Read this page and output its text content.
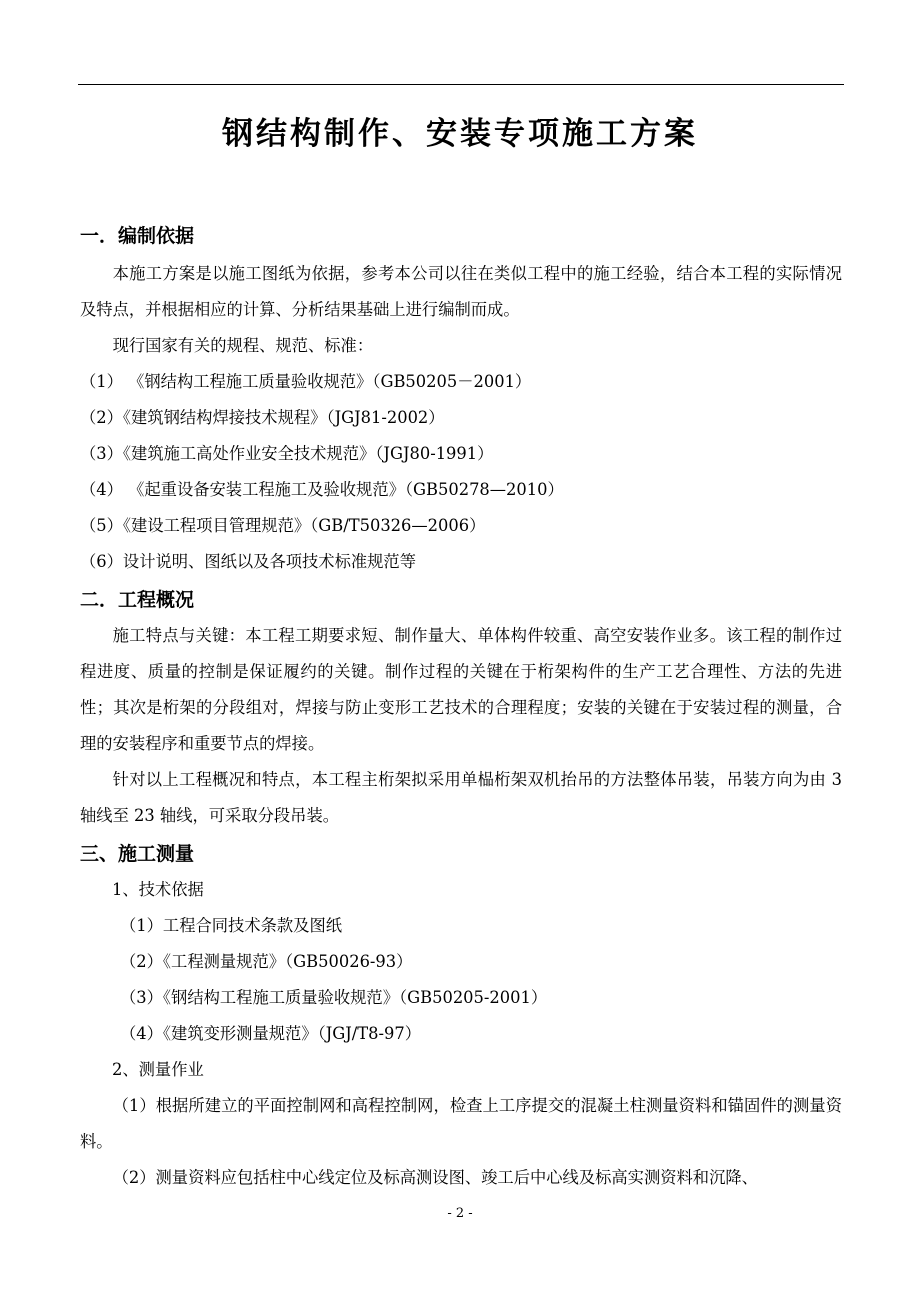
钢结构制作、安装专项施工方案
一．编制依据
本施工方案是以施工图纸为依据，参考本公司以往在类似工程中的施工经验，结合本工程的实际情况及特点，并根据相应的计算、分析结果基础上进行编制而成。
现行国家有关的规程、规范、标准：
（1） 《钢结构工程施工质量验收规范》（GB50205－2001）
（2）《建筑钢结构焊接技术规程》（JGJ81-2002）
（3）《建筑施工高处作业安全技术规范》（JGJ80-1991）
（4） 《起重设备安装工程施工及验收规范》（GB50278—2010）
（5）《建设工程项目管理规范》（GB/T50326—2006）
（6）设计说明、图纸以及各项技术标准规范等
二．工程概况
施工特点与关键：本工程工期要求短、制作量大、单体构件较重、高空安装作业多。该工程的制作过程进度、质量的控制是保证履约的关键。制作过程的关键在于桁架构件的生产工艺合理性、方法的先进性；其次是桁架的分段组对，焊接与防止变形工艺技术的合理程度；安装的关键在于安装过程的测量，合理的安装程序和重要节点的焊接。
针对以上工程概况和特点，本工程主桁架拟采用单榀桁架双机抬吊的方法整体吊装，吊装方向为由 3 轴线至 23 轴线，可采取分段吊装。
三、施工测量
1、技术依据
（1）工程合同技术条款及图纸
（2）《工程测量规范》（GB50026-93）
（3）《钢结构工程施工质量验收规范》（GB50205-2001）
（4）《建筑变形测量规范》（JGJ/T8-97）
2、测量作业
（1）根据所建立的平面控制网和高程控制网，检查上工序提交的混凝土柱测量资料和锚固件的测量资料。
（2）测量资料应包括柱中心线定位及标高测设图、竣工后中心线及标高实测资料和沉降、
- 2 -
